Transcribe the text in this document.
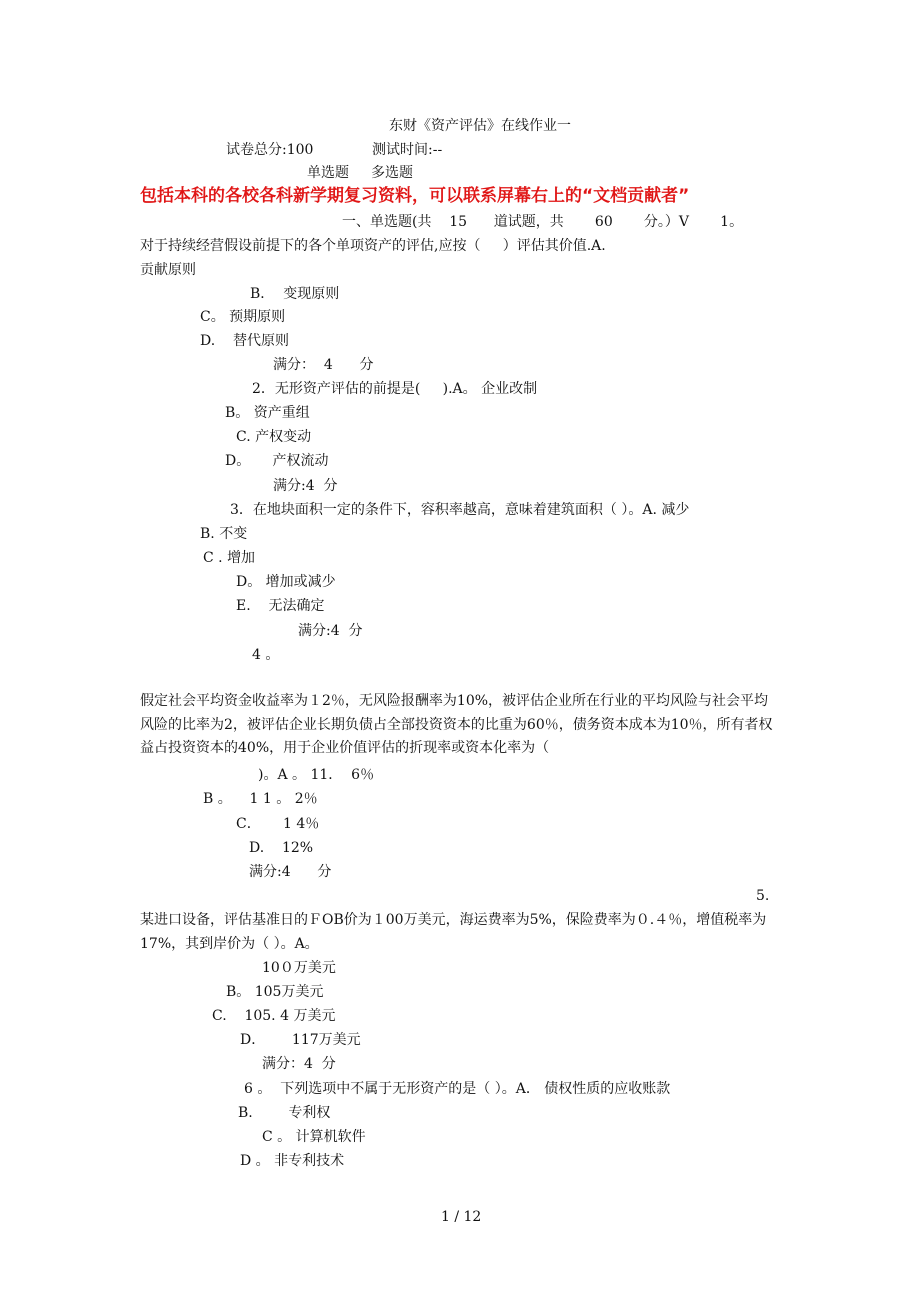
东财《资产评估》在线作业一
试卷总分:100	测试时间:--
单选题 多选题
包括本科的各校各科新学期复习资料，可以联系屏幕右上的“文档贡献者”
一、单选题(共    15      道试题，共       60       分。）V       1。
对于持续经营假设前提下的各个单项资产的评估,应按（     ）评估其价值.A.
贡献原则
B．  变现原则
C。 预期原则
D.    替代原则
满分：  4      分
2．无形资产评估的前提是(     ).A。 企业改制
B。 资产重组
C. 产权变动
D。     产权流动
满分:4  分
3．在地块面积一定的条件下，容积率越高，意味着建筑面积（ ）。A. 减少
B. 不变
C . 增加
D。 增加或减少
E.    无法确定
满分:4  分
4 。
假定社会平均资金收益率为１2％，无风险报酬率为10%，被评估企业所在行业的平均风险与社会平均风险的比率为2，被评估企业长期负债占全部投资资本的比重为60％，债务资本成本为10％，所有者权益占投资资本的40%，用于企业价值评估的折现率或资本化率为（
)。A 。 11．  6％
B 。    1 1 。 2％
C．     1 4％
D.    12%
满分:4      分
5.
某进口设备，评估基准日的ＦOB价为１00万美元，海运费率为5%，保险费率为０.４％，增值税率为17%，其到岸价为（ ）。A。
10０万美元
B。 105万美元
C.    105. 4 万美元
D．      117万美元
满分：4  分
6 。  下列选项中不属于无形资产的是（ ）。A． 债权性质的应收账款
B.        专利权
C 。 计算机软件
D 。 非专利技术
1 / 12
